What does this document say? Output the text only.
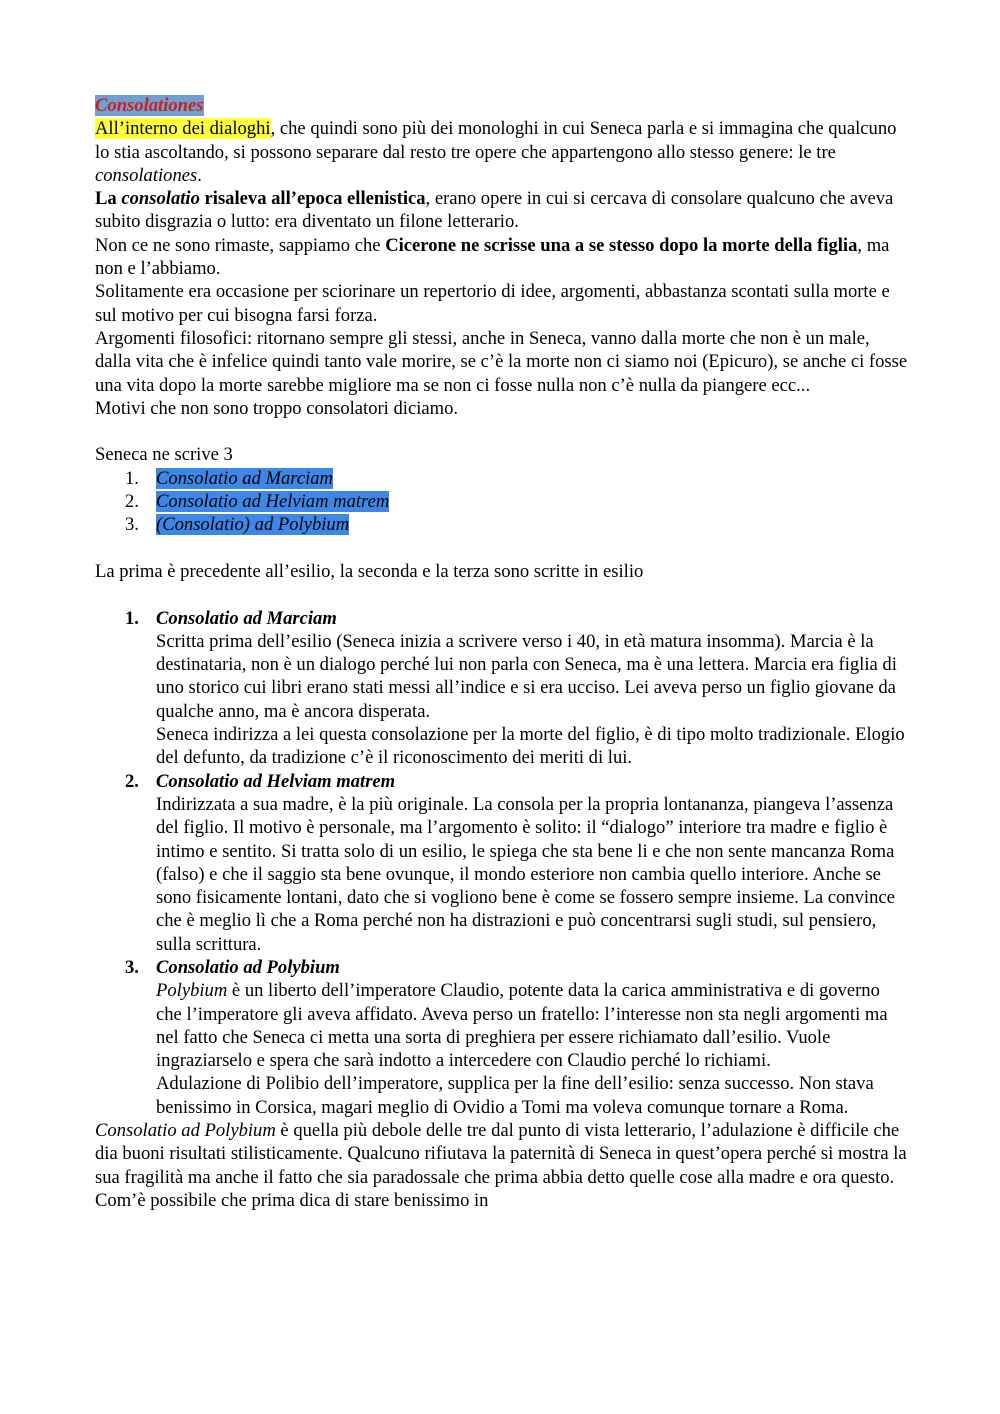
Consolationes

All’interno dei dialoghi, che quindi sono più dei monologhi in cui Seneca parla e si immagina che qualcuno lo stia ascoltando, si possono separare dal resto tre opere che appartengono allo stesso genere: le tre consolationes.

La consolatio risaleva all’epoca ellenistica, erano opere in cui si cercava di consolare qualcuno che aveva subito disgrazia o lutto: era diventato un filone letterario.

Non ce ne sono rimaste, sappiamo che Cicerone ne scrisse una a se stesso dopo la morte della figlia, ma non e l’abbiamo.

Solitamente era occasione per sciorinare un repertorio di idee, argomenti, abbastanza scontati sulla morte e sul motivo per cui bisogna farsi forza.

Argomenti filosofici: ritornano sempre gli stessi, anche in Seneca, vanno dalla morte che non è un male, dalla vita che è infelice quindi tanto vale morire, se c’è la morte non ci siamo noi (Epicuro), se anche ci fosse una vita dopo la morte sarebbe migliore ma se non ci fosse nulla non c’è nulla da piangere ecc...

Motivi che non sono troppo consolatori diciamo.

Seneca ne scrive 3

1. Consolatio ad Marciam
2. Consolatio ad Helviam matrem
3. (Consolatio) ad Polybium

La prima è precedente all’esilio, la seconda e la terza sono scritte in esilio

1. Consolatio ad Marciam

Scritta prima dell’esilio (Seneca inizia a scrivere verso i 40, in età matura insomma). Marcia è la destinataria, non è un dialogo perché lui non parla con Seneca, ma è una lettera. Marcia era figlia di uno storico cui libri erano stati messi all’indice e si era ucciso. Lei aveva perso un figlio giovane da qualche anno, ma è ancora disperata.

Seneca indirizza a lei questa consolazione per la morte del figlio, è di tipo molto tradizionale. Elogio del defunto, da tradizione c’è il riconoscimento dei meriti di lui.

2. Consolatio ad Helviam matrem

Indirizzata a sua madre, è la più originale. La consola per la propria lontananza, piangeva l’assenza del figlio. Il motivo è personale, ma l’argomento è solito: il “dialogo” interiore tra madre e figlio è intimo e sentito. Si tratta solo di un esilio, le spiega che sta bene li e che non sente mancanza Roma (falso) e che il saggio sta bene ovunque, il mondo esteriore non cambia quello interiore. Anche se sono fisicamente lontani, dato che si vogliono bene è come se fossero sempre insieme. La convince che è meglio lì che a Roma perché non ha distrazioni e può concentrarsi sugli studi, sul pensiero, sulla scrittura.

3. Consolatio ad Polybium

Polybium è un liberto dell’imperatore Claudio, potente data la carica amministrativa e di governo che l’imperatore gli aveva affidato. Aveva perso un fratello: l’interesse non sta negli argomenti ma nel fatto che Seneca ci metta una sorta di preghiera per essere richiamato dall’esilio. Vuole ingraziarselo e spera che sarà indotto a intercedere con Claudio perché lo richiami.

Adulazione di Polibio dell’imperatore, supplica per la fine dell’esilio: senza successo. Non stava benissimo in Corsica, magari meglio di Ovidio a Tomi ma voleva comunque tornare a Roma.

Consolatio ad Polybium è quella più debole delle tre dal punto di vista letterario, l’adulazione è difficile che dia buoni risultati stilisticamente. Qualcuno rifiutava la paternità di Seneca in quest’opera perché si mostra la sua fragilità ma anche il fatto che sia paradossale che prima abbia detto quelle cose alla madre e ora questo. Com’è possibile che prima dica di stare benissimo in
